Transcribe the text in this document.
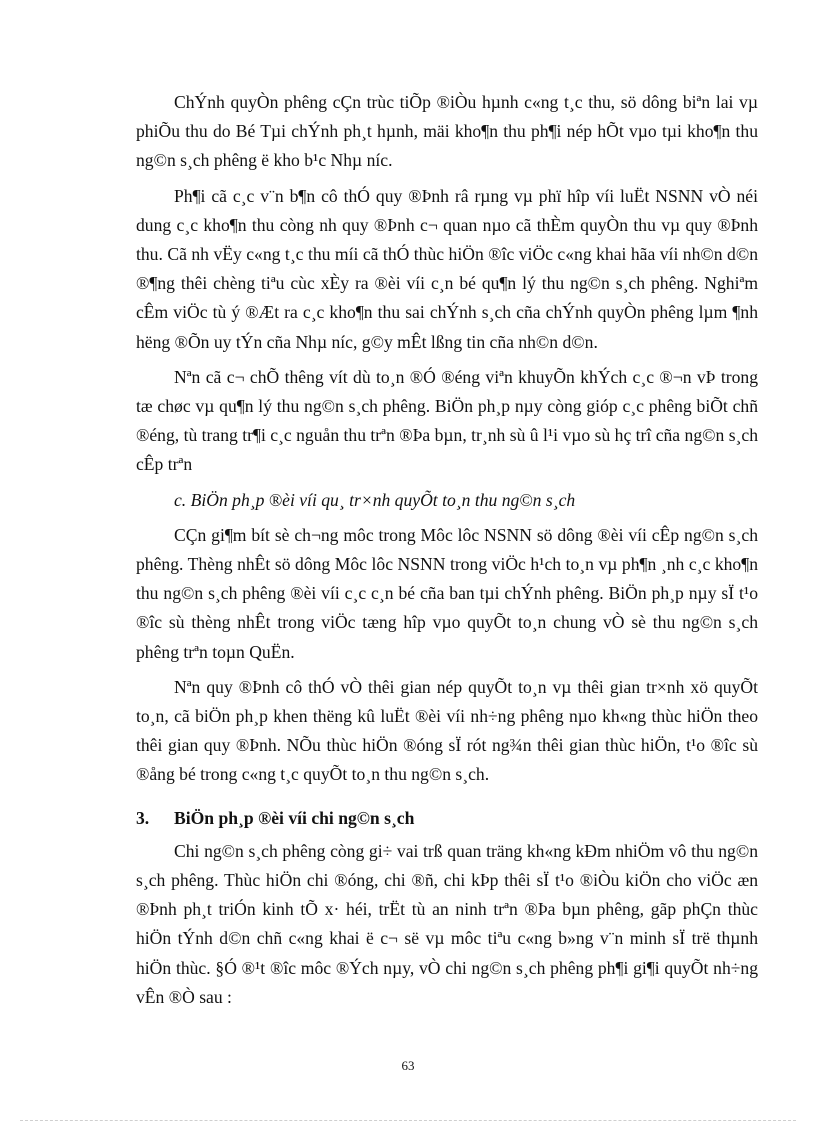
ChÝnh quyÒn phêng cÇn trùc tiÕp ®iÒu hµnh c«ng t¸c thu, sö dông biªn lai vµ phiÕu thu do Bé Tµi chÝnh ph¸t hµnh, mäi kho¶n thu ph¶i nép hÕt vµo tµi kho¶n thu ng©n s¸ch phêng ë kho b¹c Nhµ níc.

Ph¶i cã c¸c v¨n b¶n cô thÓ quy ®Þnh râ rµng vµ phï hîp víi luËt NSNN vÒ néi dung c¸c kho¶n thu còng nh quy ®Þnh c¬ quan nµo cã thÈm quyÒn thu vµ quy ®Þnh thu. Cã nh vËy c«ng t¸c thu míi cã thÓ thùc hiÖn ®îc viÖc c«ng khai hãa víi nh©n d©n ®¶ng thêi chèng tiªu cùc xÈy ra ®èi víi c¸n bé qu¶n lý thu ng©n s¸ch phêng. Nghiªm cÊm viÖc tù ý ®Æt ra c¸c kho¶n thu sai chÝnh s¸ch cña chÝnh quyÒn phêng lµm ¶nh hëng ®Õn uy tÝn cña Nhµ níc, g©y mÊt lßng tin cña nh©n d©n.

Nªn cã c¬ chÕ thêng vít dù to¸n ®Ó ®éng viªn khuyÕn khÝch c¸c ®¬n vÞ trong tæ chøc vµ qu¶n lý thu ng©n s¸ch phêng. BiÖn ph¸p nµy còng gióp c¸c phêng biÕt chñ ®éng, tù trang tr¶i c¸c nguån thu trªn ®Þa bµn, tr¸nh sù û l¹i vµo sù hç trî cña ng©n s¸ch cÊp trªn

c. BiÖn ph¸p ®èi víi qu¸ tr×nh quyÕt to¸n thu ng©n s¸ch

CÇn gi¶m bít sè ch¬ng môc trong Môc lôc NSNN sö dông ®èi víi cÊp ng©n s¸ch phêng. Thèng nhÊt sö dông Môc lôc NSNN trong viÖc h¹ch to¸n vµ ph¶n ¸nh c¸c kho¶n thu ng©n s¸ch phêng ®èi víi c¸c c¸n bé cña ban tµi chÝnh phêng. BiÖn ph¸p nµy sÏ t¹o ®îc sù thèng nhÊt trong viÖc tæng hîp vµo quyÕt to¸n chung vÒ sè thu ng©n s¸ch phêng trªn toµn QuËn.

Nªn quy ®Þnh cô thÓ vÒ thêi gian nép quyÕt to¸n vµ thêi gian tr×nh xö quyÕt to¸n, cã biÖn ph¸p khen thëng kû luËt ®èi víi nh÷ng phêng nµo kh«ng thùc hiÖn theo thêi gian quy ®Þnh. NÕu thùc hiÖn ®óng sÏ rót ng¾n thêi gian thùc hiÖn, t¹o ®îc sù ®ång bé trong c«ng t¸c quyÕt to¸n thu ng©n s¸ch.

3.	BiÖn ph¸p ®èi víi chi ng©n s¸ch

Chi ng©n s¸ch phêng còng gi÷ vai trß quan träng kh«ng kÐm nhiÖm vô thu ng©n s¸ch phêng. Thùc hiÖn chi ®óng, chi ®ñ, chi kÞp thêi sÏ t¹o ®iÒu kiÖn cho viÖc æn ®Þnh ph¸t triÓn kinh tÕ x· héi, trËt tù an ninh trªn ®Þa bµn phêng, gãp phÇn thùc hiÖn tÝnh d©n chñ c«ng khai ë c¬ së vµ môc tiªu c«ng b»ng v¨n minh sÏ trë thµnh hiÖn thùc. §Ó ®¹t ®îc môc ®Ých nµy, vÒ chi ng©n s¸ch phêng ph¶i gi¶i quyÕt nh÷ng vÊn ®Ò sau :

63
